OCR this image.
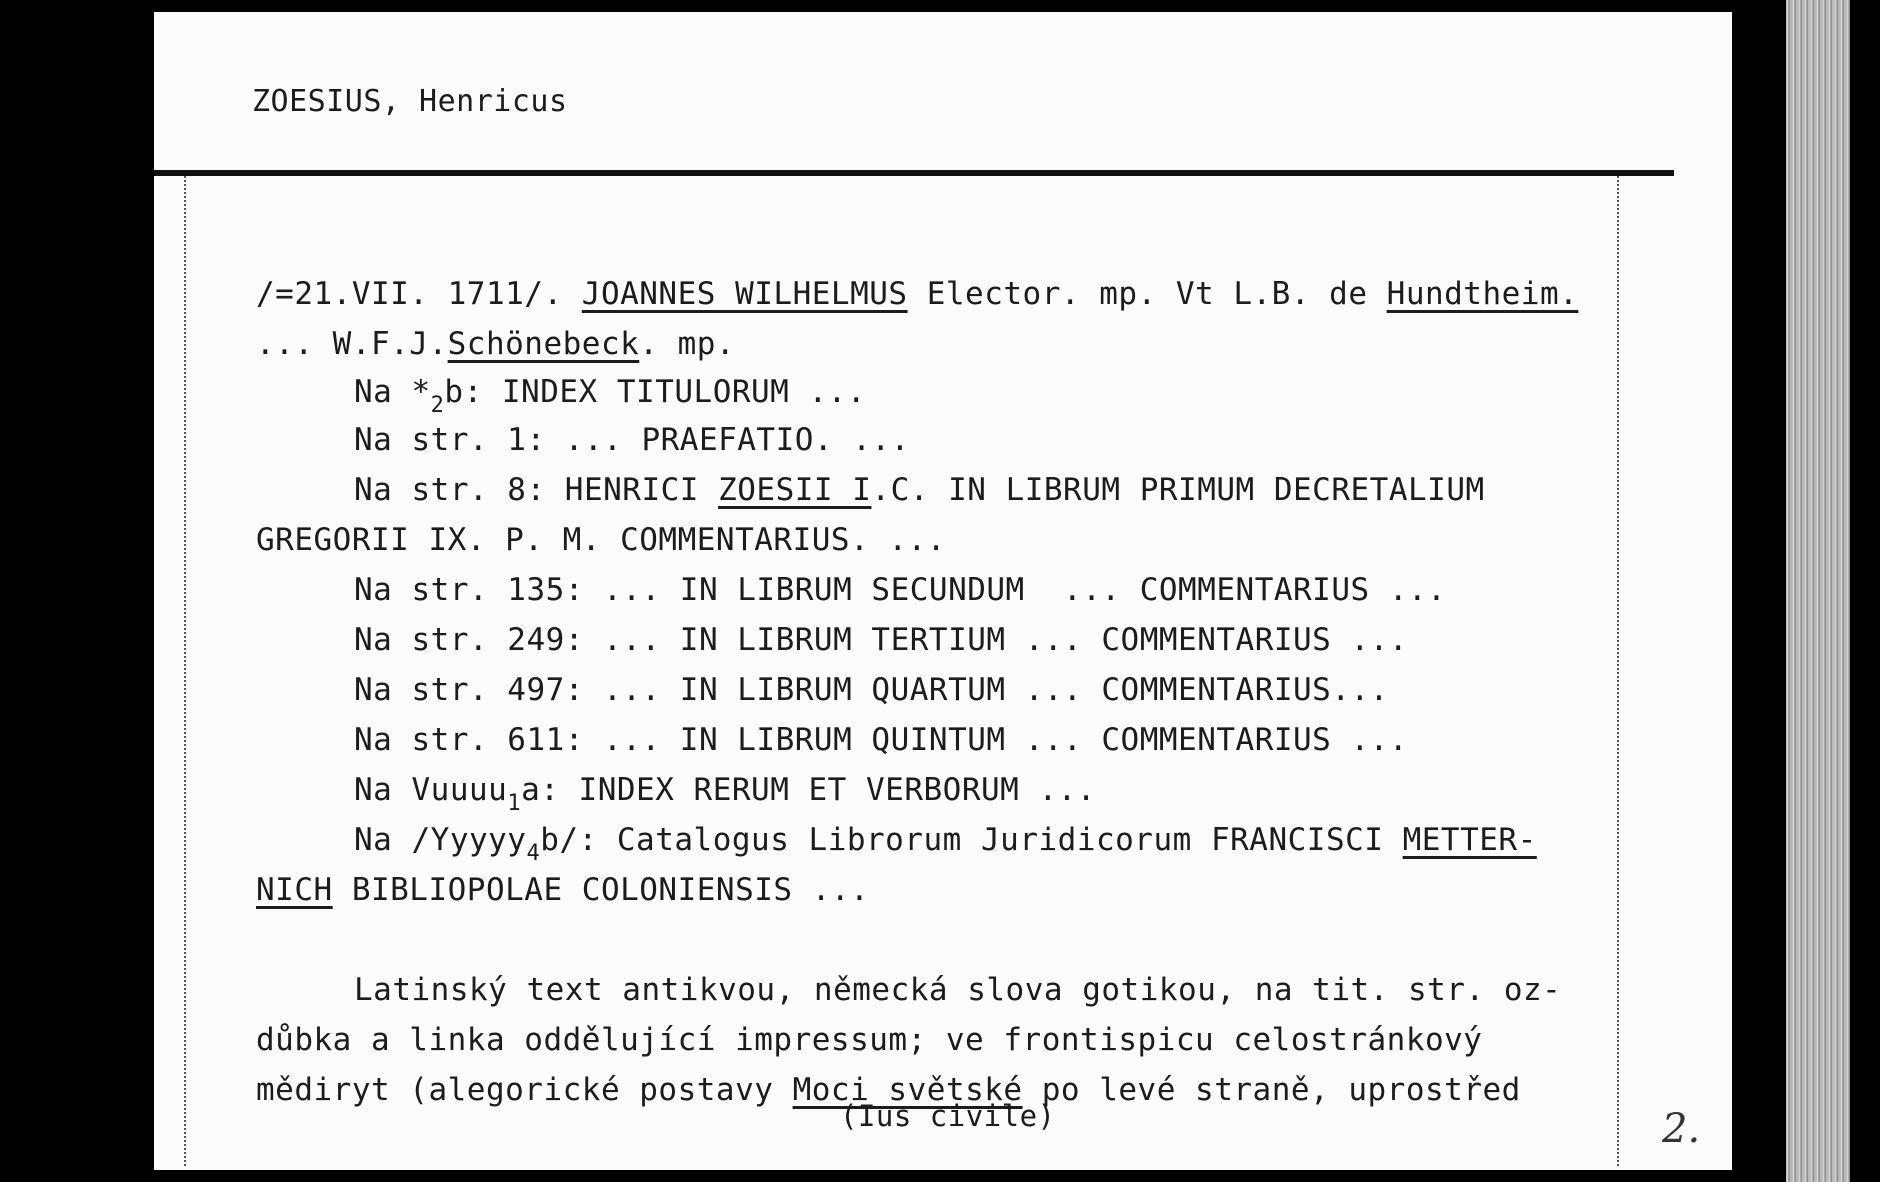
ZOESIUS, Henricus
/=21.VII. 1711/. JOANNES WILHELMUS Elector. mp. Vt L.B. de Hundtheim.
... W.F.J.Schönebeck. mp.
Na $*_2b$: INDEX TITULORUM ...
Na str. 1: ... PRAEFATIO. ...
Na str. 8: HENRICI ZOESII I.C. IN LIBRUM PRIMUM DECRETALIUM
GREGORII IX. P. M. COMMENTARIUS. ...
Na str. 135: ... IN LIBRUM SECUNDUM  ... COMMENTARIUS ...
Na str. 249: ... IN LIBRUM TERTIUM ... COMMENTARIUS ...
Na str. 497: ... IN LIBRUM QUARTUM ... COMMENTARIUS...
Na str. 611: ... IN LIBRUM QUINTUM ... COMMENTARIUS ...
Na Vuuuu$_1$a: INDEX RERUM ET VERBORUM ...
Na /Yyyyy$_4$b/: Catalogus Librorum Juridicorum FRANCISCI METTER-
NICH BIBLIOPOLAE COLONIENSIS ...
Latinský text antikvou, německá slova gotikou, na tit. str. oz-
důbka a linka oddělující impressum; ve frontispicu celostránkový
mědiryt (alegorické postavy Moci světské po levé straně, uprostřed
(Ius civile)	2.
